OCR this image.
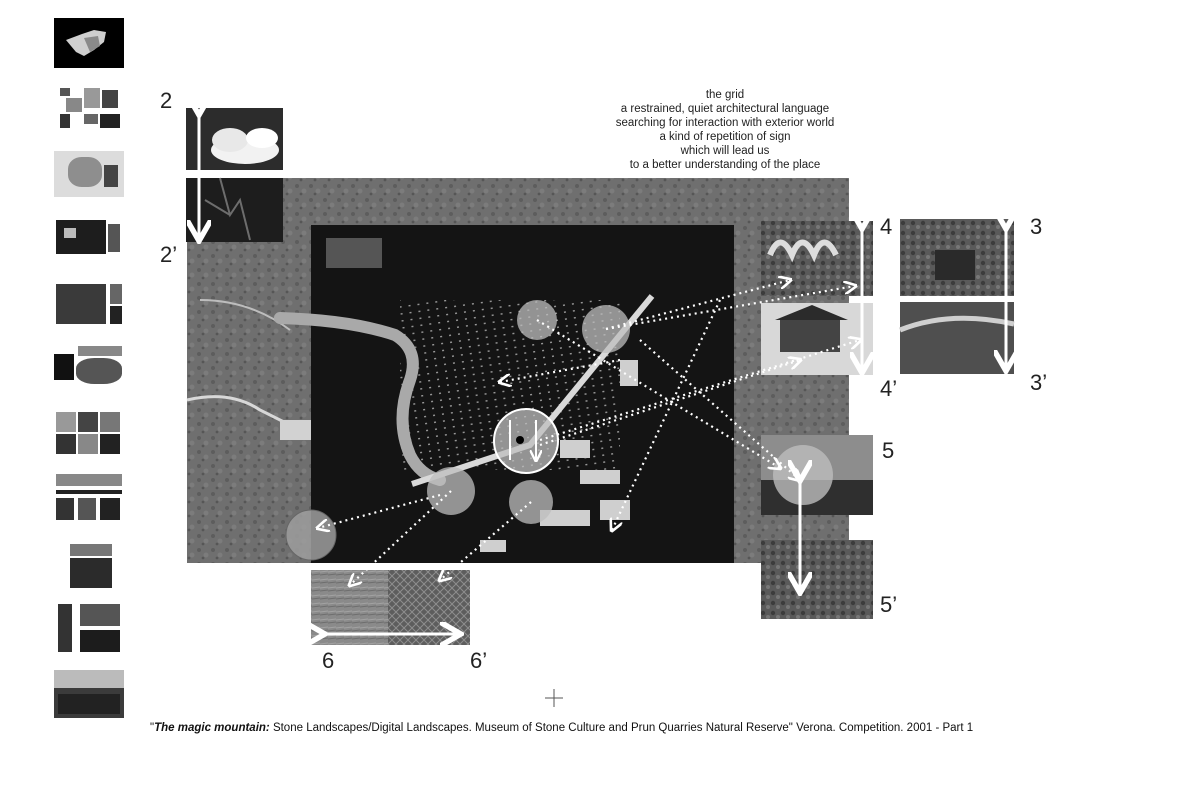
the grid
a restrained, quiet architectural language
searching for interaction with exterior world
a kind of repetition of sign
which will lead us
to a better understanding of the place
2
2’
4
4’
3
3’
5
5’
6	6’
"The magic mountain: Stone Landscapes/Digital Landscapes. Museum of Stone Culture and Prun Quarries Natural Reserve" Verona. Competition. 2001 - Part 1
